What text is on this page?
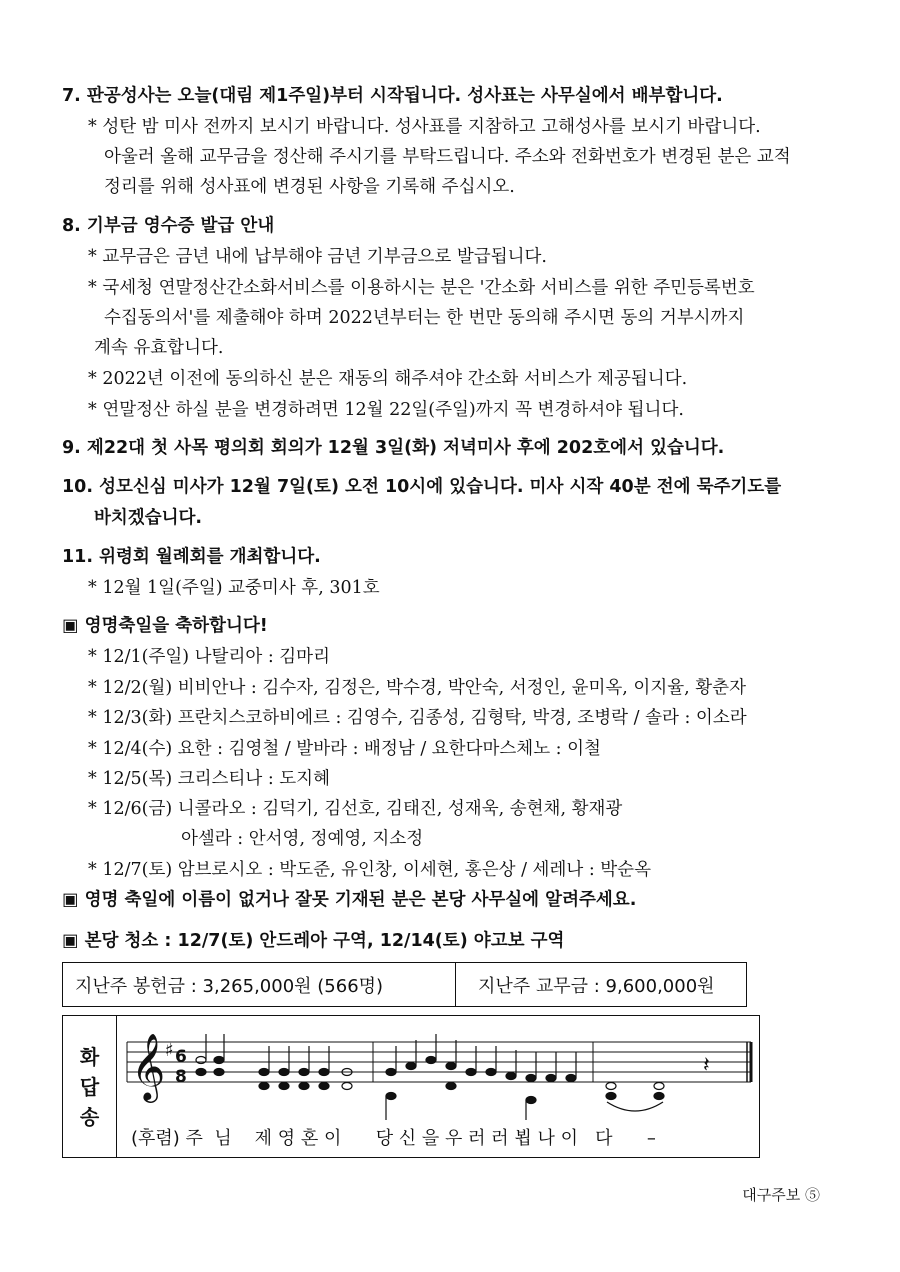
7. 판공성사는 오늘(대림 제1주일)부터 시작됩니다. 성사표는 사무실에서 배부합니다.
* 성탄 밤 미사 전까지 보시기 바랍니다. 성사표를 지참하고 고해성사를 보시기 바랍니다.
아울러 올해 교무금을 정산해 주시기를 부탁드립니다. 주소와 전화번호가 변경된 분은 교적
정리를 위해 성사표에 변경된 사항을 기록해 주십시오.
8. 기부금 영수증 발급 안내
* 교무금은 금년 내에 납부해야 금년 기부금으로 발급됩니다.
* 국세청 연말정산간소화서비스를 이용하시는 분은 '간소화 서비스를 위한 주민등록번호
수집동의서'를 제출해야 하며 2022년부터는 한 번만 동의해 주시면 동의 거부시까지
계속 유효합니다.
* 2022년 이전에 동의하신 분은 재동의 해주셔야 간소화 서비스가 제공됩니다.
* 연말정산 하실 분을 변경하려면 12월 22일(주일)까지 꼭 변경하셔야 됩니다.
9. 제22대 첫 사목 평의회 회의가 12월 3일(화) 저녁미사 후에 202호에서 있습니다.
10. 성모신심 미사가 12월 7일(토) 오전 10시에 있습니다. 미사 시작 40분 전에 묵주기도를
바치겠습니다.
11. 위령회 월례회를 개최합니다.
* 12월 1일(주일) 교중미사 후, 301호
▣ 영명축일을 축하합니다!
* 12/1(주일) 나탈리아 : 김마리
* 12/2(월) 비비안나 : 김수자, 김정은, 박수경, 박안숙, 서정인, 윤미옥, 이지율, 황춘자
* 12/3(화) 프란치스코하비에르 : 김영수, 김종성, 김형탁, 박경, 조병락 / 솔라 : 이소라
* 12/4(수) 요한 : 김영철 / 발바라 : 배정남 / 요한다마스체노 : 이철
* 12/5(목) 크리스티나 : 도지혜
* 12/6(금) 니콜라오 : 김덕기, 김선호, 김태진, 성재욱, 송현채, 황재광
아셀라 : 안서영, 정예영, 지소정
* 12/7(토) 암브로시오 : 박도준, 유인창, 이세현, 홍은상 / 세레나 : 박순옥
▣ 영명 축일에 이름이 없거나 잘못 기재된 분은 본당 사무실에 알려주세요.
▣ 본당 청소 : 12/7(토) 안드레아 구역, 12/14(토) 야고보 구역
지난주 봉헌금 : 3,265,000원 (566명)	지난주 교무금 : 9,600,000원
화
답
송
𝄞 ♯ 6
8	𝄽
(후렴) 주  님    제 영 혼 이      당 신 을 우 러 러 뵙 나 이   다      –
대구주보 ⑤
